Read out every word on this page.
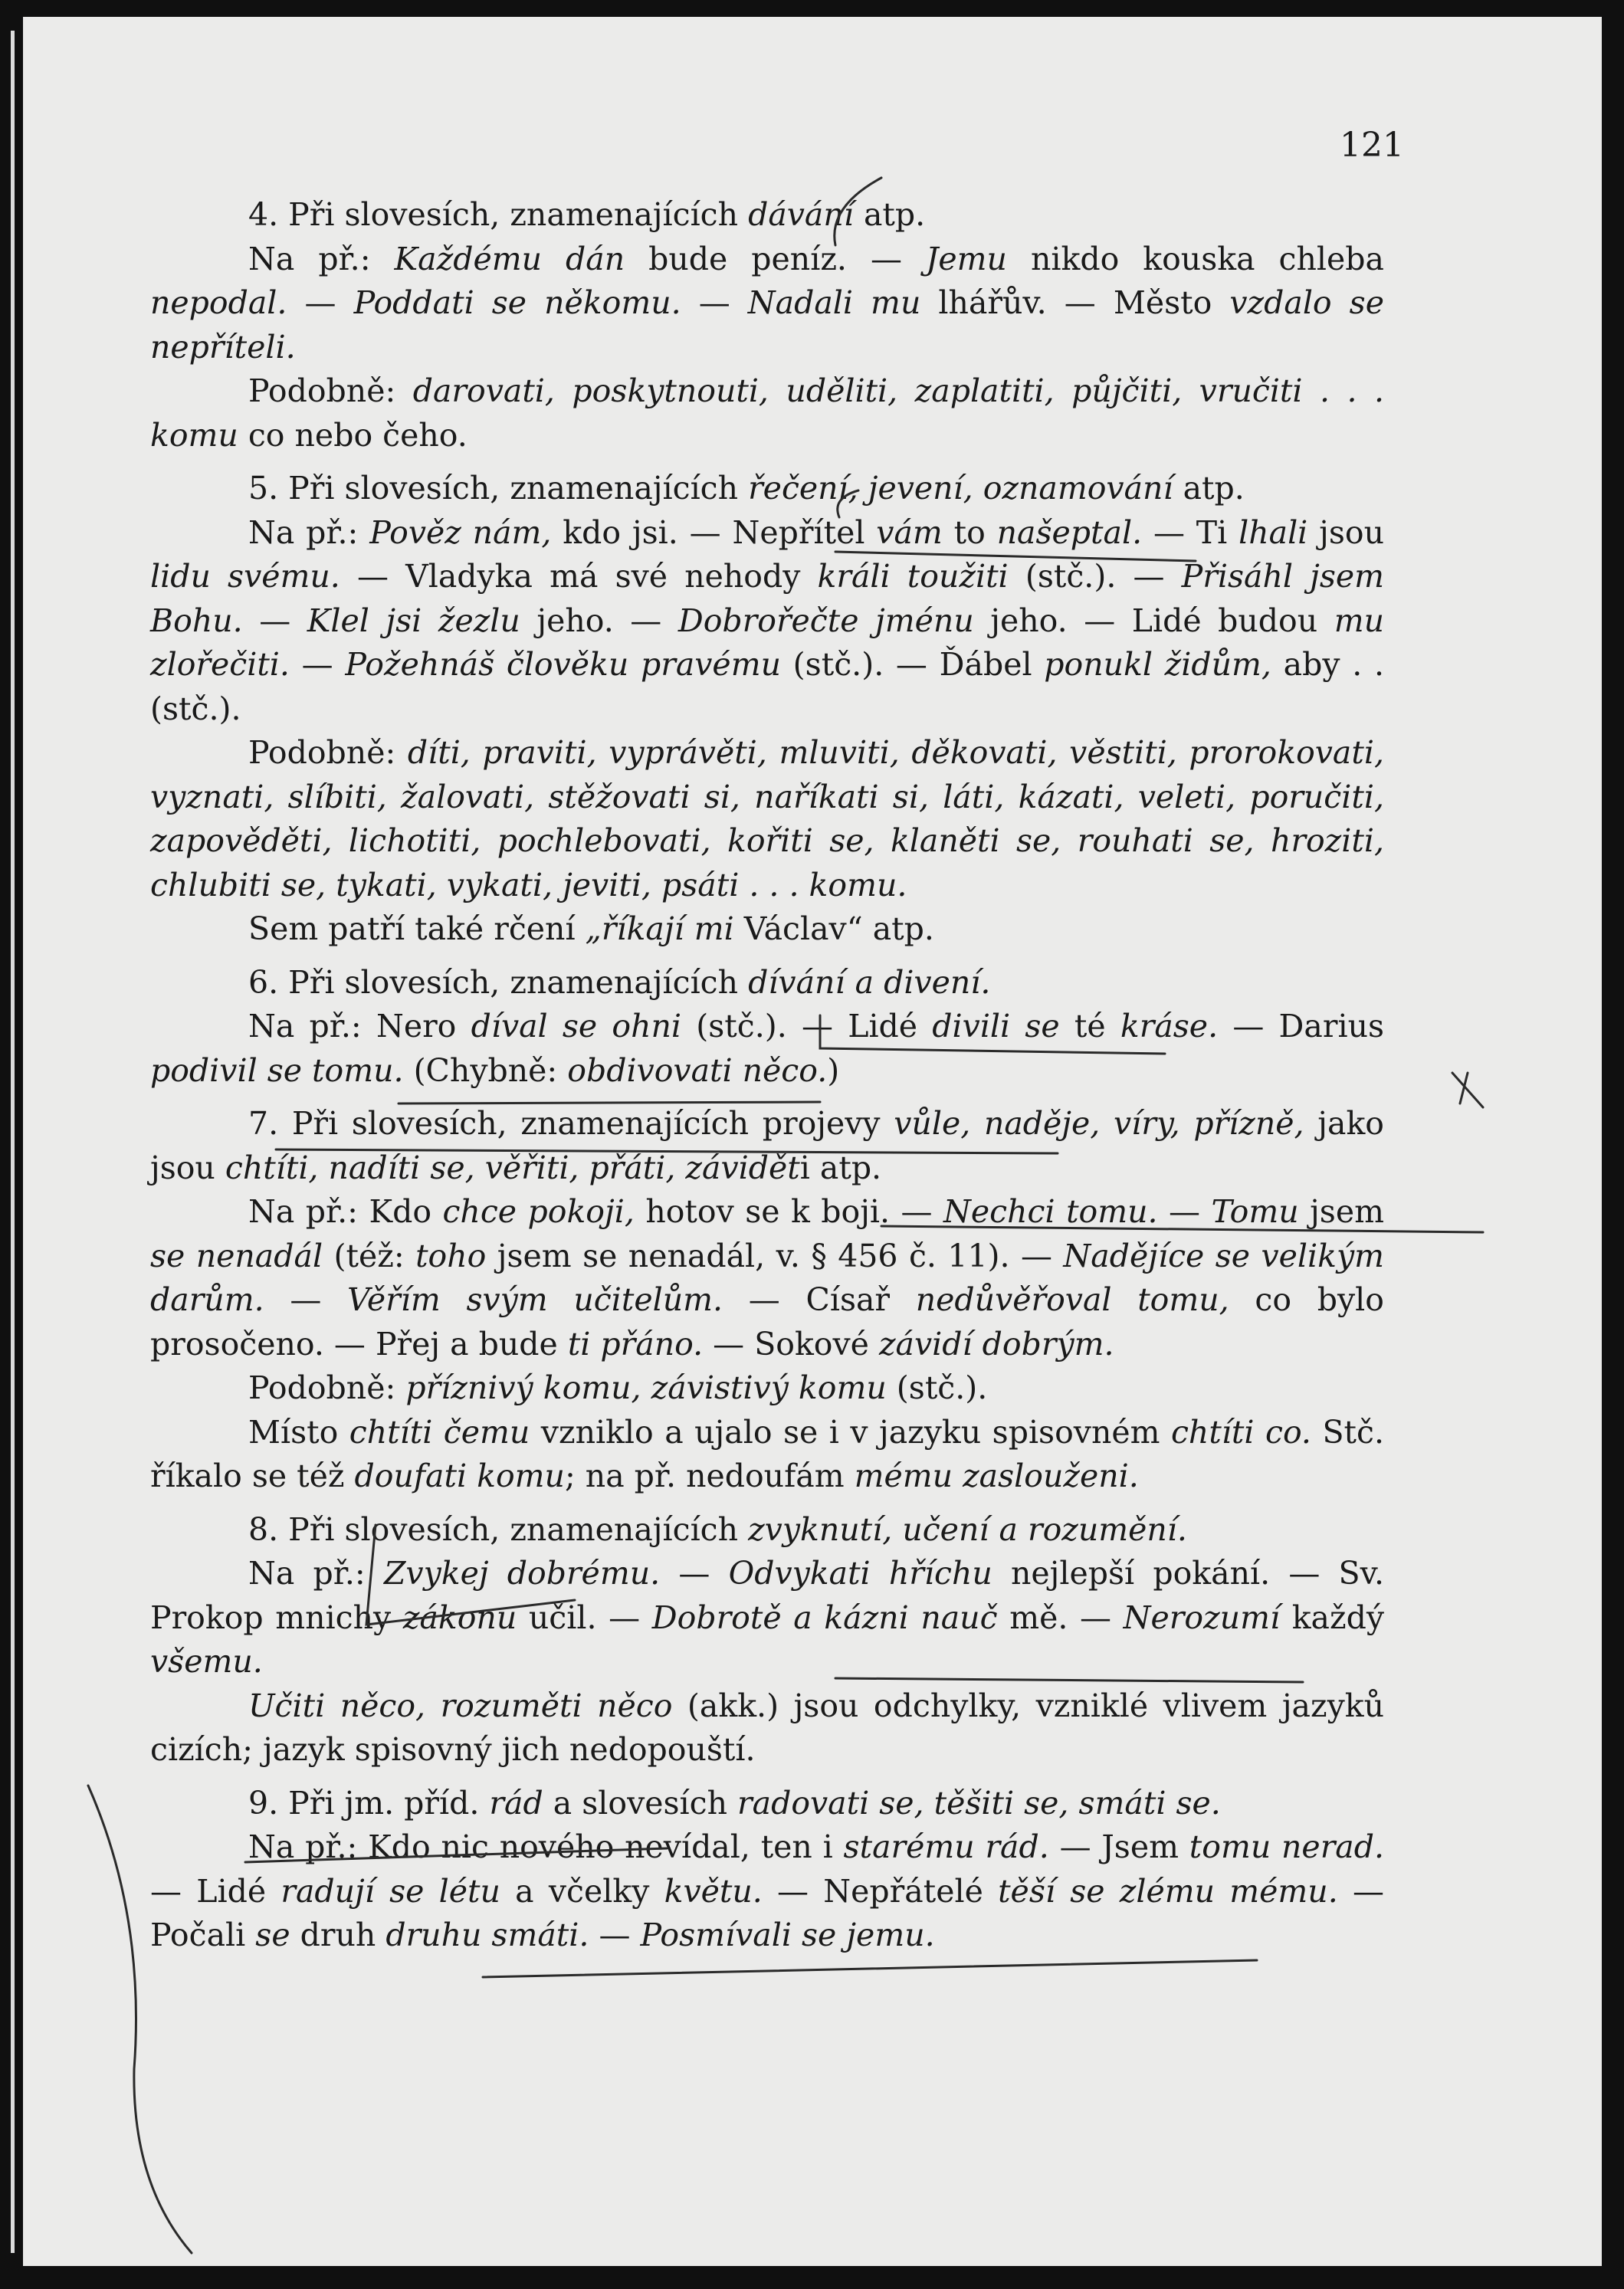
121

4. Při slovesích, znamenajících dávání atp.

Na př.: Každému dán bude peníz. — Jemu nikdo kouska chleba nepodal. — Poddati se někomu. — Nadali mu lhářův. — Město vzdalo se nepříteli.

Podobně: darovati, poskytnouti, uděliti, zaplatiti, půjčiti, vručiti . . . komu co nebo čeho.

5. Při slovesích, znamenajících řečení, jevení, oznamování atp.

Na př.: Pověz nám, kdo jsi. — Nepřítel vám to našeptal. — Ti lhali jsou lidu svému. — Vladyka má své nehody králi toužiti (stč.). — Přisáhl jsem Bohu. — Klel jsi žezlu jeho. — Dobrořečte jménu jeho. — Lidé budou mu zlořečiti. — Požehnáš člověku pravému (stč.). — Ďábel ponukl židům, aby . . (stč.).

Podobně: díti, praviti, vyprávěti, mluviti, děkovati, věstiti, prorokovati, vyznati, slíbiti, žalovati, stěžovati si, naříkati si, láti, kázati, veleti, poručiti, zapověděti, lichotiti, pochlebovati, kořiti se, klaněti se, rouhati se, hroziti, chlubiti se, tykati, vykati, jeviti, psáti . . . komu.

Sem patří také rčení „říkají mi Václav“ atp.

6. Při slovesích, znamenajících dívání a divení.

Na př.: Nero díval se ohni (stč.). — Lidé divili se té kráse. — Darius podivil se tomu. (Chybně: obdivovati něco.)

7. Při slovesích, znamenajících projevy vůle, naděje, víry, přízně, jako jsou chtíti, nadíti se, věřiti, přáti, záviděti atp.

Na př.: Kdo chce pokoji, hotov se k boji. — Nechci tomu. — Tomu jsem se nenadál (též: toho jsem se nenadál, v. § 456 č. 11). — Nadějíce se velikým darům. — Věřím svým učitelům. — Císař nedůvěřoval tomu, co bylo prosočeno. — Přej a bude ti přáno. — Sokové závidí dobrým.

Podobně: příznivý komu, závistivý komu (stč.).

Místo chtíti čemu vzniklo a ujalo se i v jazyku spisovném chtíti co. Stč. říkalo se též doufati komu; na př. nedoufám mému zaslouženi.

8. Při slovesích, znamenajících zvyknutí, učení a rozumění.

Na př.: Zvykej dobrému. — Odvykati hříchu nejlepší pokání. — Sv. Prokop mnichy zákonu učil. — Dobrotě a kázni nauč mě. — Nerozumí každý všemu.

Učiti něco, rozuměti něco (akk.) jsou odchylky, vzniklé vlivem jazyků cizích; jazyk spisovný jich nedopouští.

9. Při jm. příd. rád a slovesích radovati se, těšiti se, smáti se.

Na př.: Kdo nic nového nevídal, ten i starému rád. — Jsem tomu nerad. — Lidé radují se létu a včelky květu. — Nepřátelé těší se zlému mému. — Počali se druh druhu smáti. — Posmívali se jemu.
